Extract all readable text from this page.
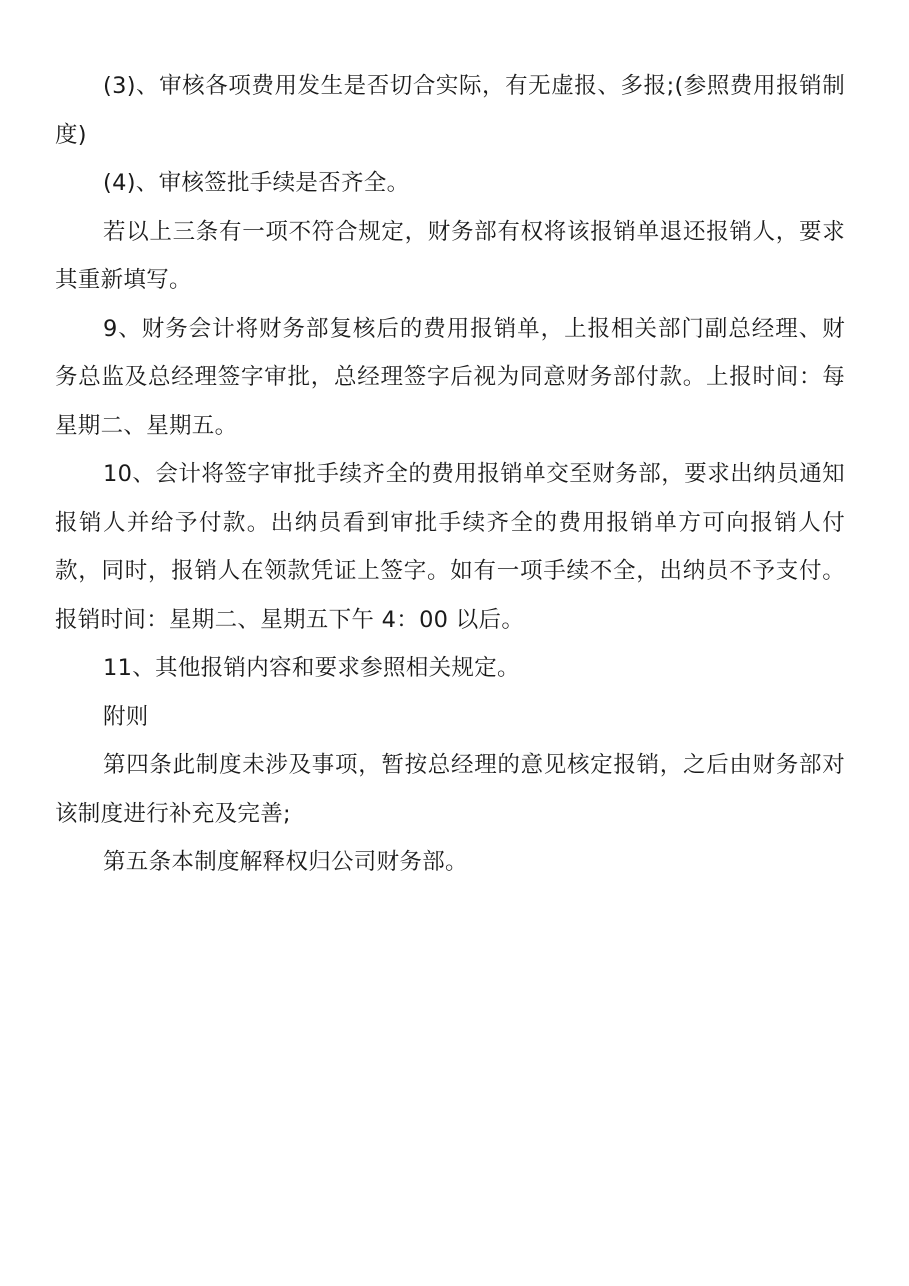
(3)、审核各项费用发生是否切合实际，有无虚报、多报;(参照费用报销制度)

(4)、审核签批手续是否齐全。

若以上三条有一项不符合规定，财务部有权将该报销单退还报销人，要求其重新填写。

9、财务会计将财务部复核后的费用报销单，上报相关部门副总经理、财务总监及总经理签字审批，总经理签字后视为同意财务部付款。上报时间：每星期二、星期五。

10、会计将签字审批手续齐全的费用报销单交至财务部，要求出纳员通知报销人并给予付款。出纳员看到审批手续齐全的费用报销单方可向报销人付款，同时，报销人在领款凭证上签字。如有一项手续不全，出纳员不予支付。报销时间：星期二、星期五下午 4：00 以后。

11、其他报销内容和要求参照相关规定。

附则

第四条此制度未涉及事项，暂按总经理的意见核定报销，之后由财务部对该制度进行补充及完善;

第五条本制度解释权归公司财务部。
